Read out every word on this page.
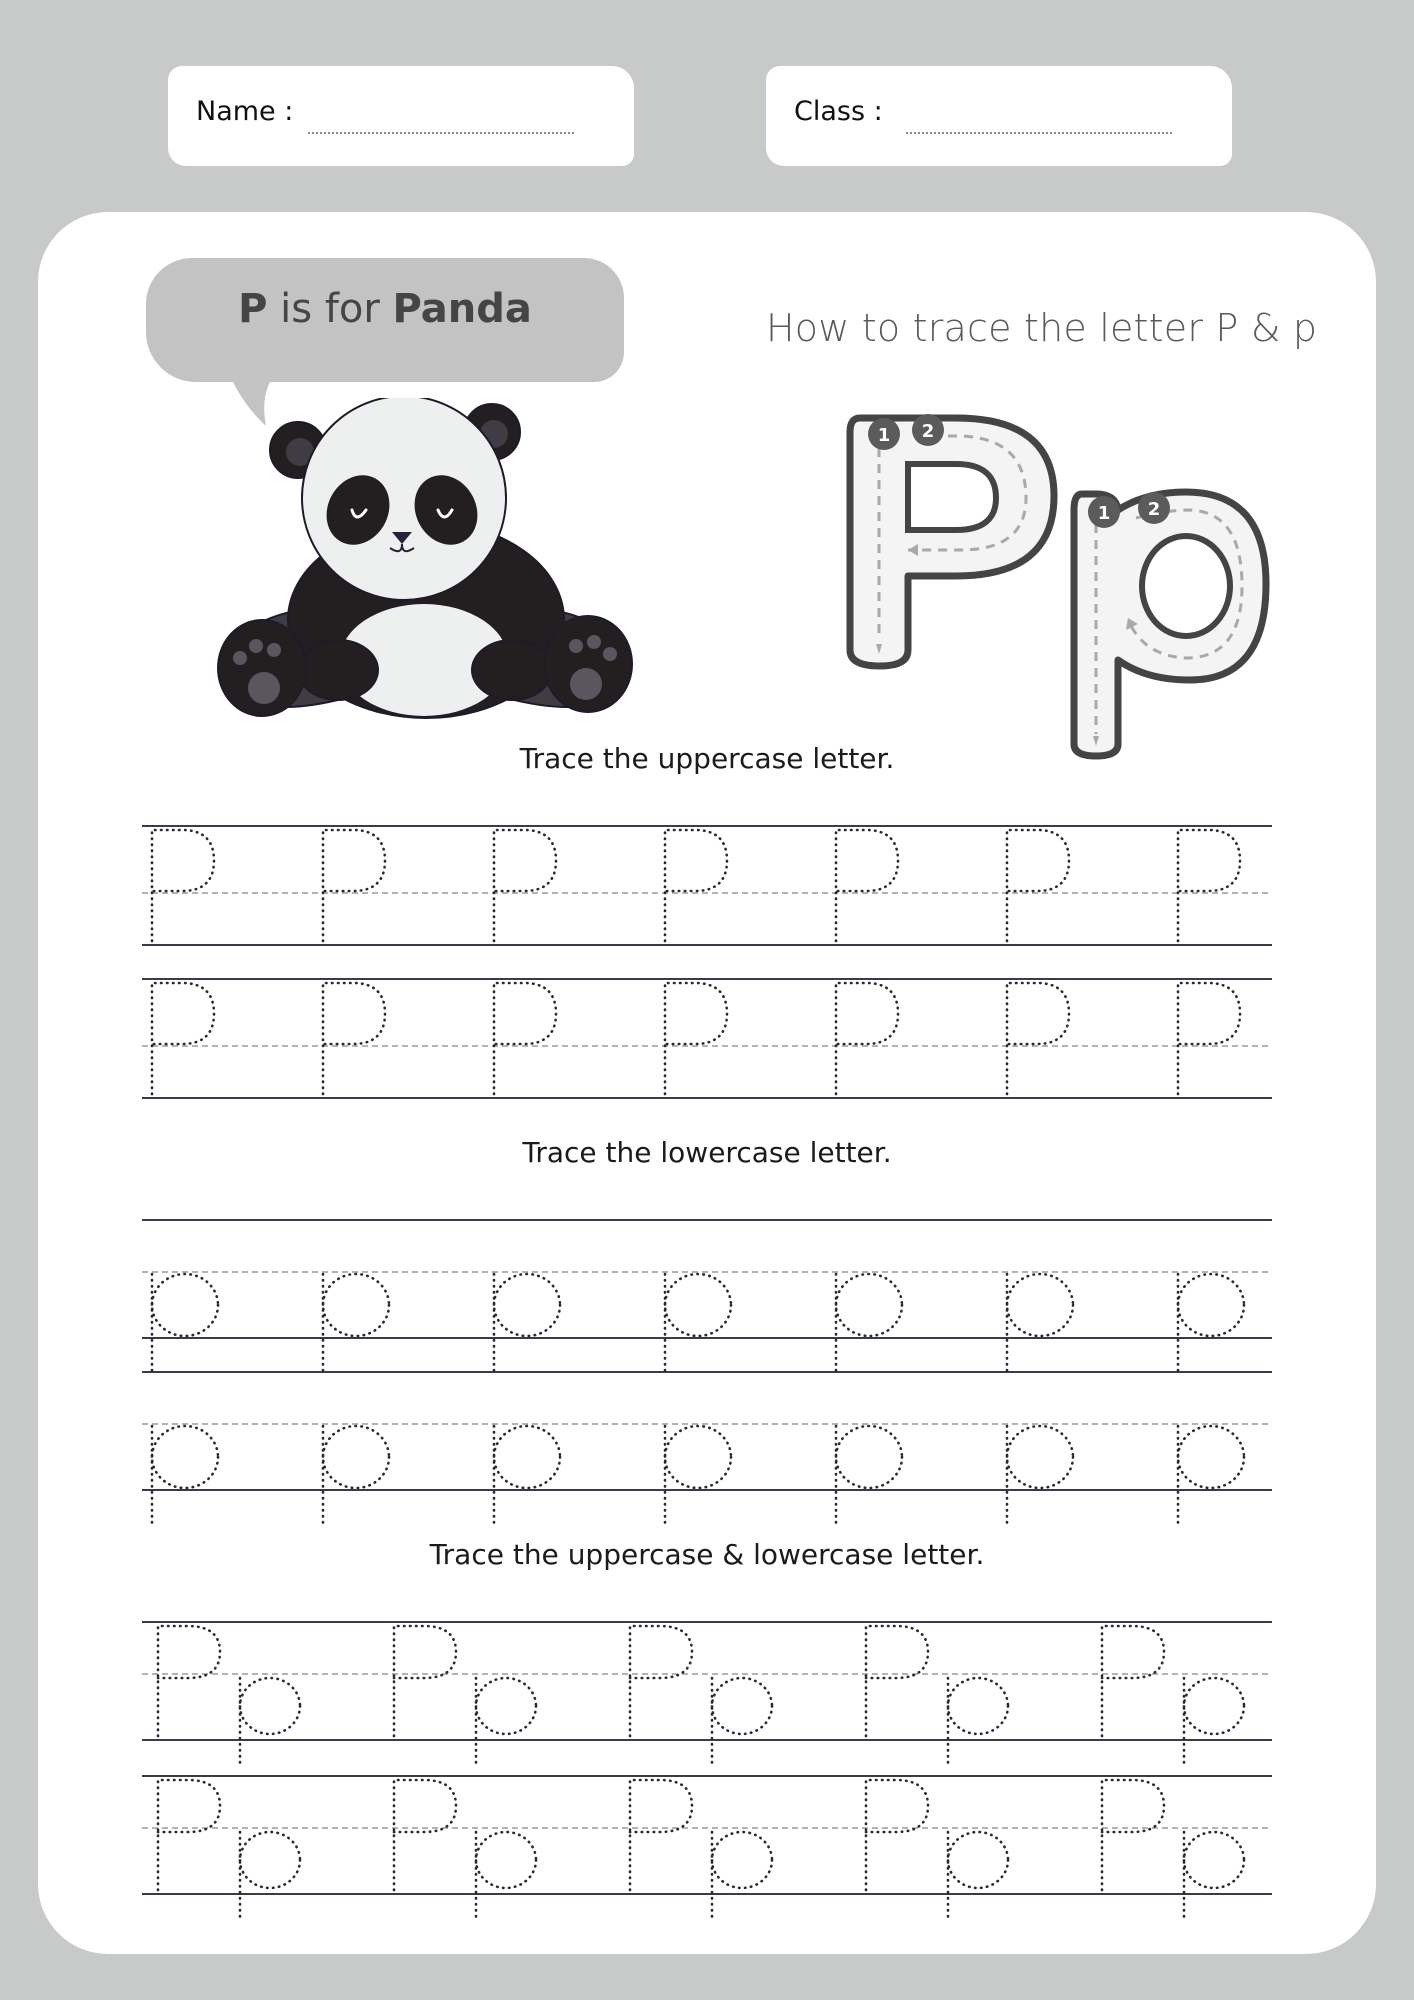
Name :	Class :
P is for Panda	How to trace the letter P & p
1 2
1 2
Trace the uppercase letter.
Trace the lowercase letter.
Trace the uppercase & lowercase letter.
